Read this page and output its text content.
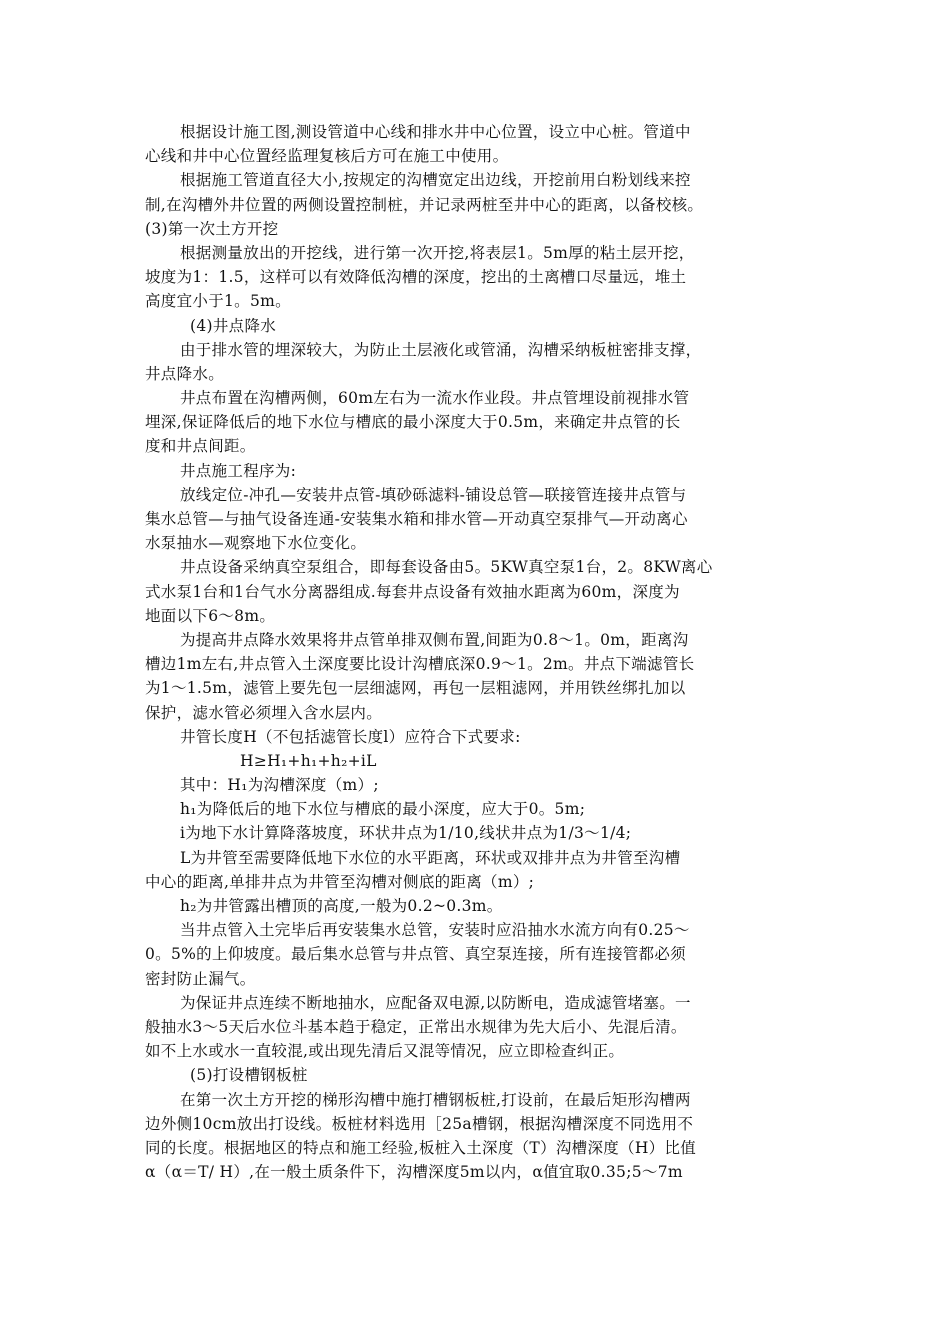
根据设计施工图,测设管道中心线和排水井中心位置，设立中心桩。管道中
心线和井中心位置经监理复核后方可在施工中使用。
根据施工管道直径大小,按规定的沟槽宽定出边线，开挖前用白粉划线来控
制,在沟槽外井位置的两侧设置控制桩，并记录两桩至井中心的距离，以备校核。
(3)第一次土方开挖
根据测量放出的开挖线，进行第一次开挖,将表层1。5m厚的粘土层开挖，
坡度为1：1.5，这样可以有效降低沟槽的深度，挖出的土离槽口尽量远，堆土
高度宜小于1。5m。
(4)井点降水
由于排水管的埋深较大，为防止土层液化或管涌，沟槽采纳板桩密排支撑，
井点降水。
井点布置在沟槽两侧，60m左右为一流水作业段。井点管埋设前视排水管
埋深,保证降低后的地下水位与槽底的最小深度大于0.5m，来确定井点管的长
度和井点间距。
井点施工程序为:
放线定位-冲孔—安装井点管-填砂砾滤料-铺设总管—联接管连接井点管与
集水总管—与抽气设备连通-安装集水箱和排水管—开动真空泵排气—开动离心
水泵抽水—观察地下水位变化。
井点设备采纳真空泵组合，即每套设备由5。5KW真空泵1台，2。8KW离心
式水泵1台和1台气水分离器组成.每套井点设备有效抽水距离为60m，深度为
地面以下6～8m。
为提高井点降水效果将井点管单排双侧布置,间距为0.8～1。0m，距离沟
槽边1m左右,井点管入土深度要比设计沟槽底深0.9～1。2m。井点下端滤管长
为1～1.5m，滤管上要先包一层细滤网，再包一层粗滤网，并用铁丝绑扎加以
保护，滤水管必须埋入含水层内。
井管长度H（不包括滤管长度l）应符合下式要求:
H≥H₁+h₁+h₂+iL
其中：H₁为沟槽深度（m）;
h₁为降低后的地下水位与槽底的最小深度，应大于0。5m;
i为地下水计算降落坡度，环状井点为1/10,线状井点为1/3～1/4;
L为井管至需要降低地下水位的水平距离，环状或双排井点为井管至沟槽
中心的距离,单排井点为井管至沟槽对侧底的距离（m）;
h₂为井管露出槽顶的高度,一般为0.2~0.3m。
当井点管入土完毕后再安装集水总管，安装时应沿抽水水流方向有0.25～
0。5%的上仰坡度。最后集水总管与井点管、真空泵连接，所有连接管都必须
密封防止漏气。
为保证井点连续不断地抽水，应配备双电源,以防断电，造成滤管堵塞。一
般抽水3～5天后水位斗基本趋于稳定，正常出水规律为先大后小、先混后清。
如不上水或水一直较混,或出现先清后又混等情况，应立即检查纠正。
(5)打设槽钢板桩
在第一次土方开挖的梯形沟槽中施打槽钢板桩,打设前，在最后矩形沟槽两
边外侧10cm放出打设线。板桩材料选用［25a槽钢，根据沟槽深度不同选用不
同的长度。根据地区的特点和施工经验,板桩入土深度（T）沟槽深度（H）比值
α（α＝T/ H）,在一般土质条件下，沟槽深度5m以内，α值宜取0.35;5～7m
